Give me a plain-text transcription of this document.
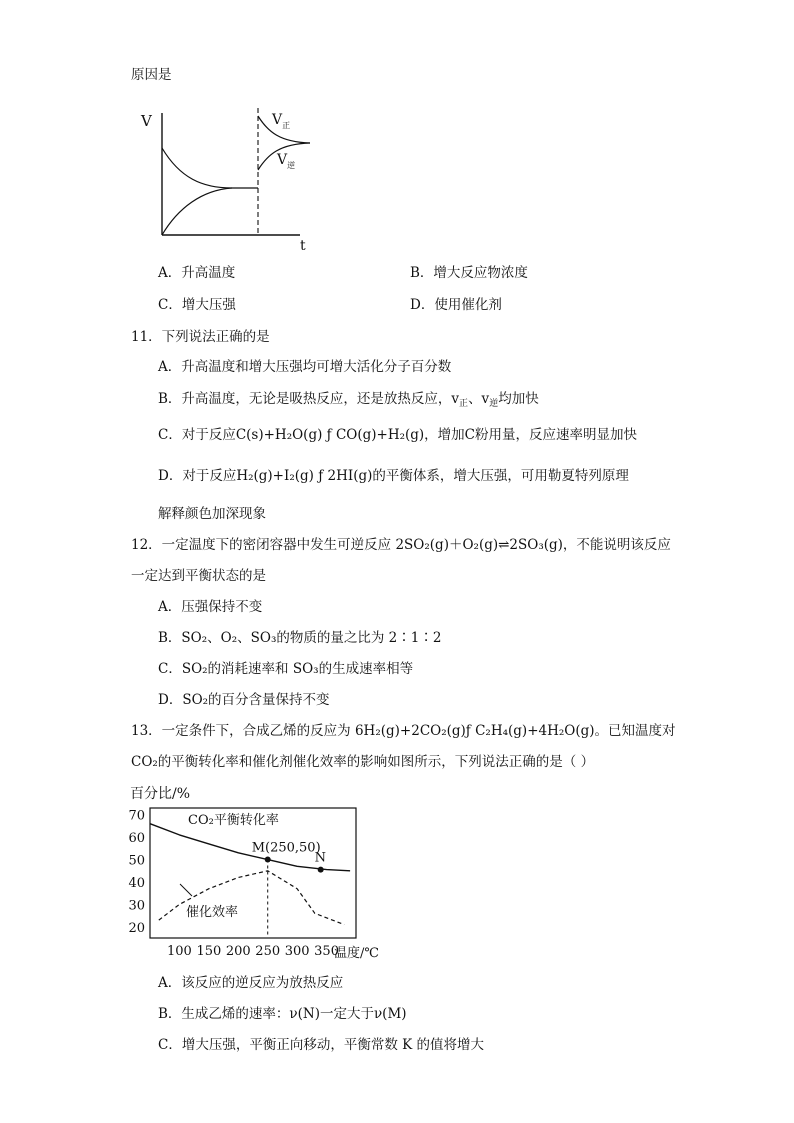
原因是
V
t
$V_正$
$V_逆$
A．升高温度	B．增大反应物浓度
C．增大压强	D．使用催化剂
11．下列说法正确的是
A．升高温度和增大压强均可增大活化分子百分数
B．升高温度，无论是吸热反应，还是放热反应，$v_正$、$v_逆$均加快
C．对于反应C(s)+H₂O(g) ƒ CO(g)+H₂(g)，增加C粉用量，反应速率明显加快
D．对于反应H₂(g)+I₂(g) ƒ 2HI(g)的平衡体系，增大压强，可用勒夏特列原理
解释颜色加深现象
12．一定温度下的密闭容器中发生可逆反应 2SO₂(g)＋O₂(g)⇌2SO₃(g)，不能说明该反应
一定达到平衡状态的是
A．压强保持不变
B．SO₂、O₂、SO₃的物质的量之比为 2∶1∶2
C．SO₂的消耗速率和 SO₃的生成速率相等
D．SO₂的百分含量保持不变
13．一定条件下，合成乙烯的反应为 6H₂(g)+2CO₂(g)ƒ C₂H₄(g)+4H₂O(g)。已知温度对
CO₂的平衡转化率和催化剂催化效率的影响如图所示，下列说法正确的是（ ）
百分比/%
温度/℃
20
30
40
50
60
70
100 150 200 250 300 350
M(250,50)
N
CO₂平衡转化率
催化效率
A．该反应的逆反应为放热反应
B．生成乙烯的速率：ν(N)一定大于ν(M)
C．增大压强，平衡正向移动，平衡常数 K 的值将增大
